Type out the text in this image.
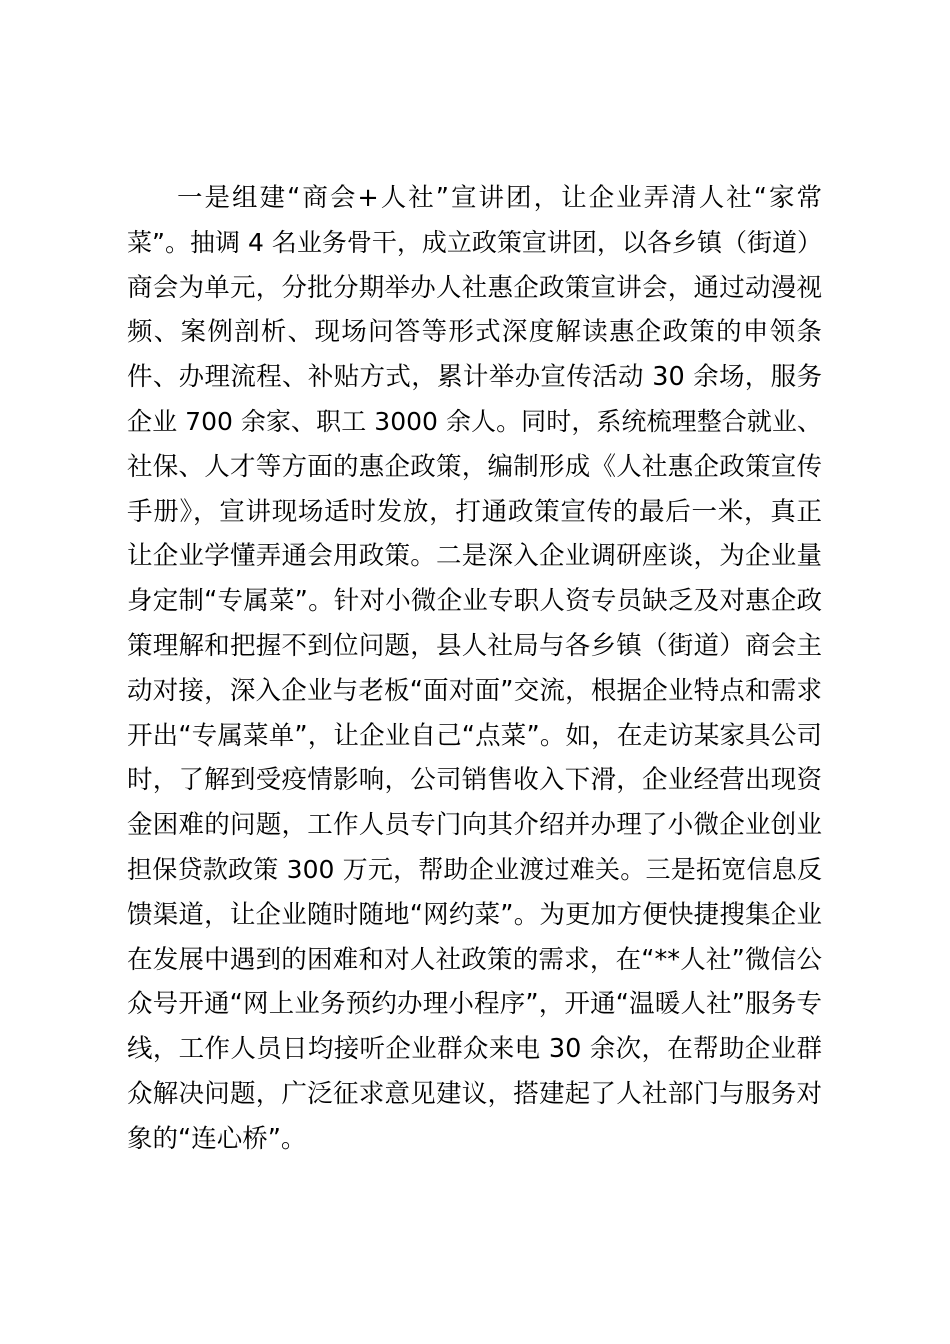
一是组建“商会+人社”宣讲团，让企业弄清人社“家常
菜”。抽调 4 名业务骨干，成立政策宣讲团，以各乡镇（街道）
商会为单元，分批分期举办人社惠企政策宣讲会，通过动漫视
频、案例剖析、现场问答等形式深度解读惠企政策的申领条
件、办理流程、补贴方式，累计举办宣传活动 30 余场，服务
企业 700 余家、职工 3000 余人。同时，系统梳理整合就业、
社保、人才等方面的惠企政策，编制形成《人社惠企政策宣传
手册》，宣讲现场适时发放，打通政策宣传的最后一米，真正
让企业学懂弄通会用政策。二是深入企业调研座谈，为企业量
身定制“专属菜”。针对小微企业专职人资专员缺乏及对惠企政
策理解和把握不到位问题，县人社局与各乡镇（街道）商会主
动对接，深入企业与老板“面对面”交流，根据企业特点和需求
开出“专属菜单”，让企业自己“点菜”。如，在走访某家具公司
时，了解到受疫情影响，公司销售收入下滑，企业经营出现资
金困难的问题，工作人员专门向其介绍并办理了小微企业创业
担保贷款政策 300 万元，帮助企业渡过难关。三是拓宽信息反
馈渠道，让企业随时随地“网约菜”。为更加方便快捷搜集企业
在发展中遇到的困难和对人社政策的需求，在“**人社”微信公
众号开通“网上业务预约办理小程序”，开通“温暖人社”服务专
线，工作人员日均接听企业群众来电 30 余次，在帮助企业群
众解决问题，广泛征求意见建议，搭建起了人社部门与服务对
象的“连心桥”。
